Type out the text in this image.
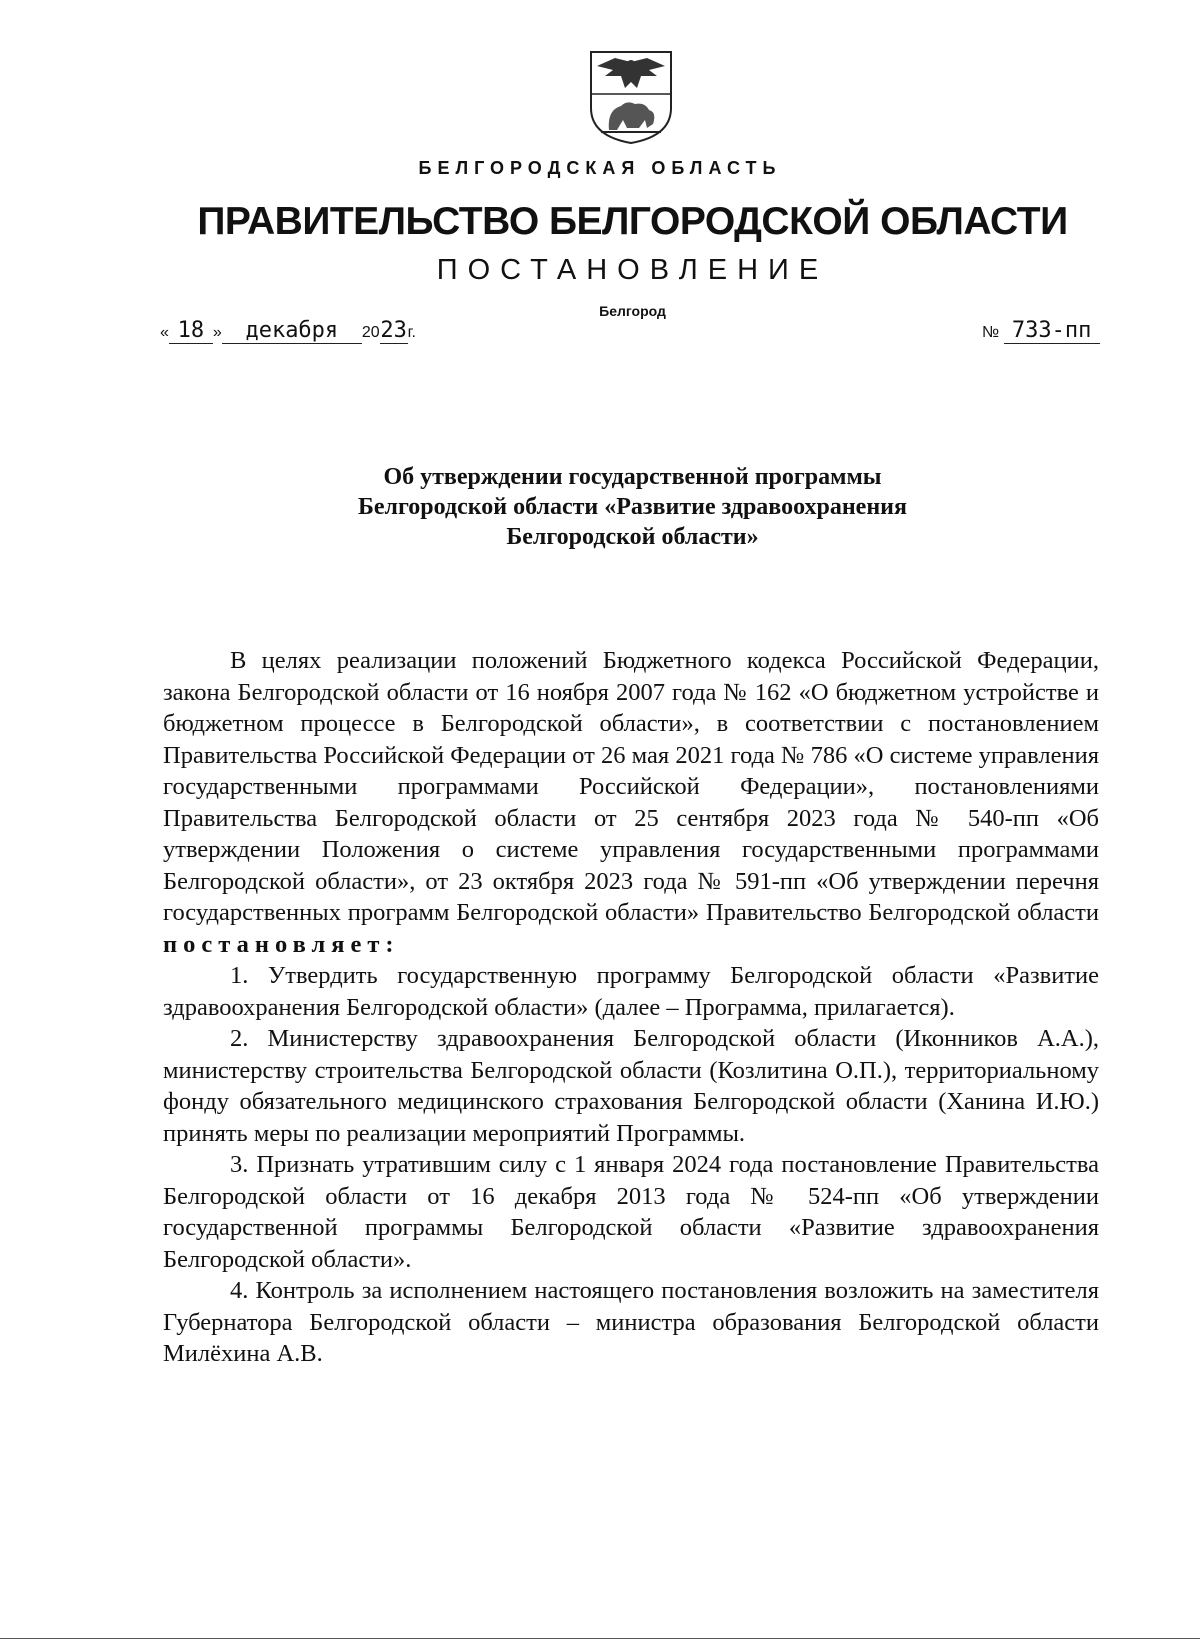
БЕЛГОРОДСКАЯ ОБЛАСТЬ
ПРАВИТЕЛЬСТВО БЕЛГОРОДСКОЙ ОБЛАСТИ
ПОСТАНОВЛЕНИЕ
Белгород
« 18 » декабря 2023г.	№ 733-пп
Об утверждении государственной программы
Белгородской области «Развитие здравоохранения
Белгородской области»

В целях реализации положений Бюджетного кодекса Российской Федерации, закона Белгородской области от 16 ноября 2007 года № 162 «О бюджетном устройстве и бюджетном процессе в Белгородской области», в соответствии с постановлением Правительства Российской Федерации от 26 мая 2021 года № 786 «О системе управления государственными программами Российской Федерации», постановлениями Правительства Белгородской области от 25 сентября 2023 года № 540-пп «Об утверждении Положения о системе управления государственными программами Белгородской области», от 23 октября 2023 года № 591-пп «Об утверждении перечня государственных программ Белгородской области» Правительство Белгородской области постановляет:

1. Утвердить государственную программу Белгородской области «Развитие здравоохранения Белгородской области» (далее – Программа, прилагается).

2. Министерству здравоохранения Белгородской области (Иконников А.А.), министерству строительства Белгородской области (Козлитина О.П.), территориальному фонду обязательного медицинского страхования Белгородской области (Ханина И.Ю.) принять меры по реализации мероприятий Программы.

3. Признать утратившим силу с 1 января 2024 года постановление Правительства Белгородской области от 16 декабря 2013 года № 524-пп «Об утверждении государственной программы Белгородской области «Развитие здравоохранения Белгородской области».

4. Контроль за исполнением настоящего постановления возложить на заместителя Губернатора Белгородской области – министра образования Белгородской области Милёхина А.В.
